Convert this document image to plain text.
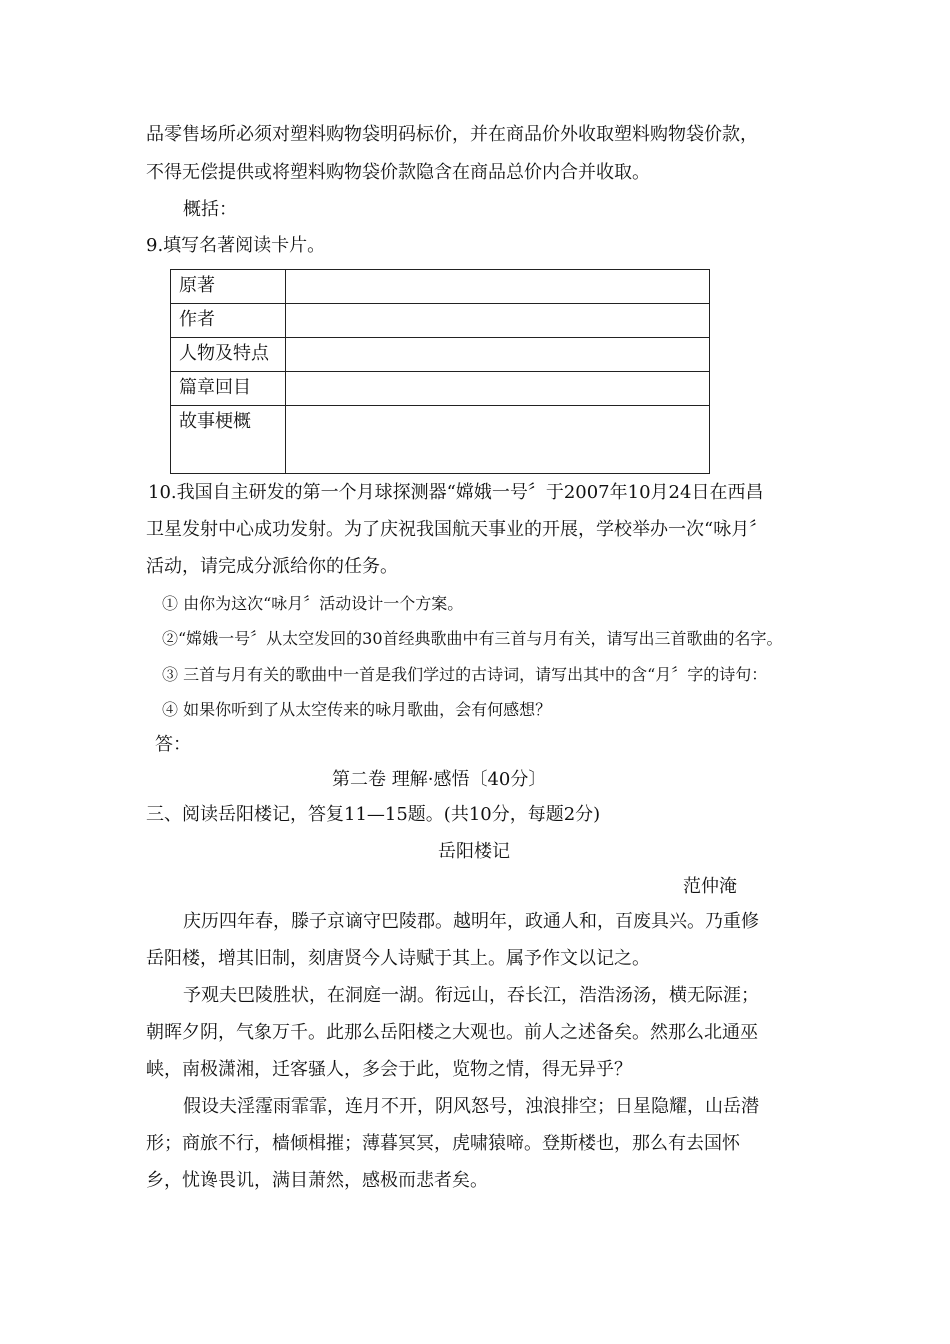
品零售场所必须对塑料购物袋明码标价，并在商品价外收取塑料购物袋价款，
不得无偿提供或将塑料购物袋价款隐含在商品总价内合并收取。
概括：
9.填写名著阅读卡片。
原著	
作者	
人物及特点	
篇章回目	
故事梗概	
10.我国自主研发的第一个月球探测器“嫦娥一号〞于2007年10月24日在西昌
卫星发射中心成功发射。为了庆祝我国航天事业的开展，学校举办一次“咏月〞
活动，请完成分派给你的任务。
① 由你为这次“咏月〞活动设计一个方案。
②“嫦娥一号〞从太空发回的30首经典歌曲中有三首与月有关，请写出三首歌曲的名字。
③ 三首与月有关的歌曲中一首是我们学过的古诗词，请写出其中的含“月〞字的诗句：
④ 如果你听到了从太空传来的咏月歌曲，会有何感想？
答：
第二卷 理解·感悟〔40分〕
三、阅读岳阳楼记，答复11—15题。(共10分，每题2分)
岳阳楼记
范仲淹
庆历四年春，滕子京谪守巴陵郡。越明年，政通人和，百废具兴。乃重修
岳阳楼，增其旧制，刻唐贤今人诗赋于其上。属予作文以记之。
予观夫巴陵胜状，在洞庭一湖。衔远山，吞长江，浩浩汤汤，横无际涯；
朝晖夕阴，气象万千。此那么岳阳楼之大观也。前人之述备矣。然那么北通巫
峡，南极潇湘，迁客骚人，多会于此，览物之情，得无异乎？
假设夫淫霪雨霏霏，连月不开，阴风怒号，浊浪排空；日星隐耀，山岳潜
形；商旅不行，樯倾楫摧；薄暮冥冥，虎啸猿啼。登斯楼也，那么有去国怀
乡，忧谗畏讥，满目萧然，感极而悲者矣。
